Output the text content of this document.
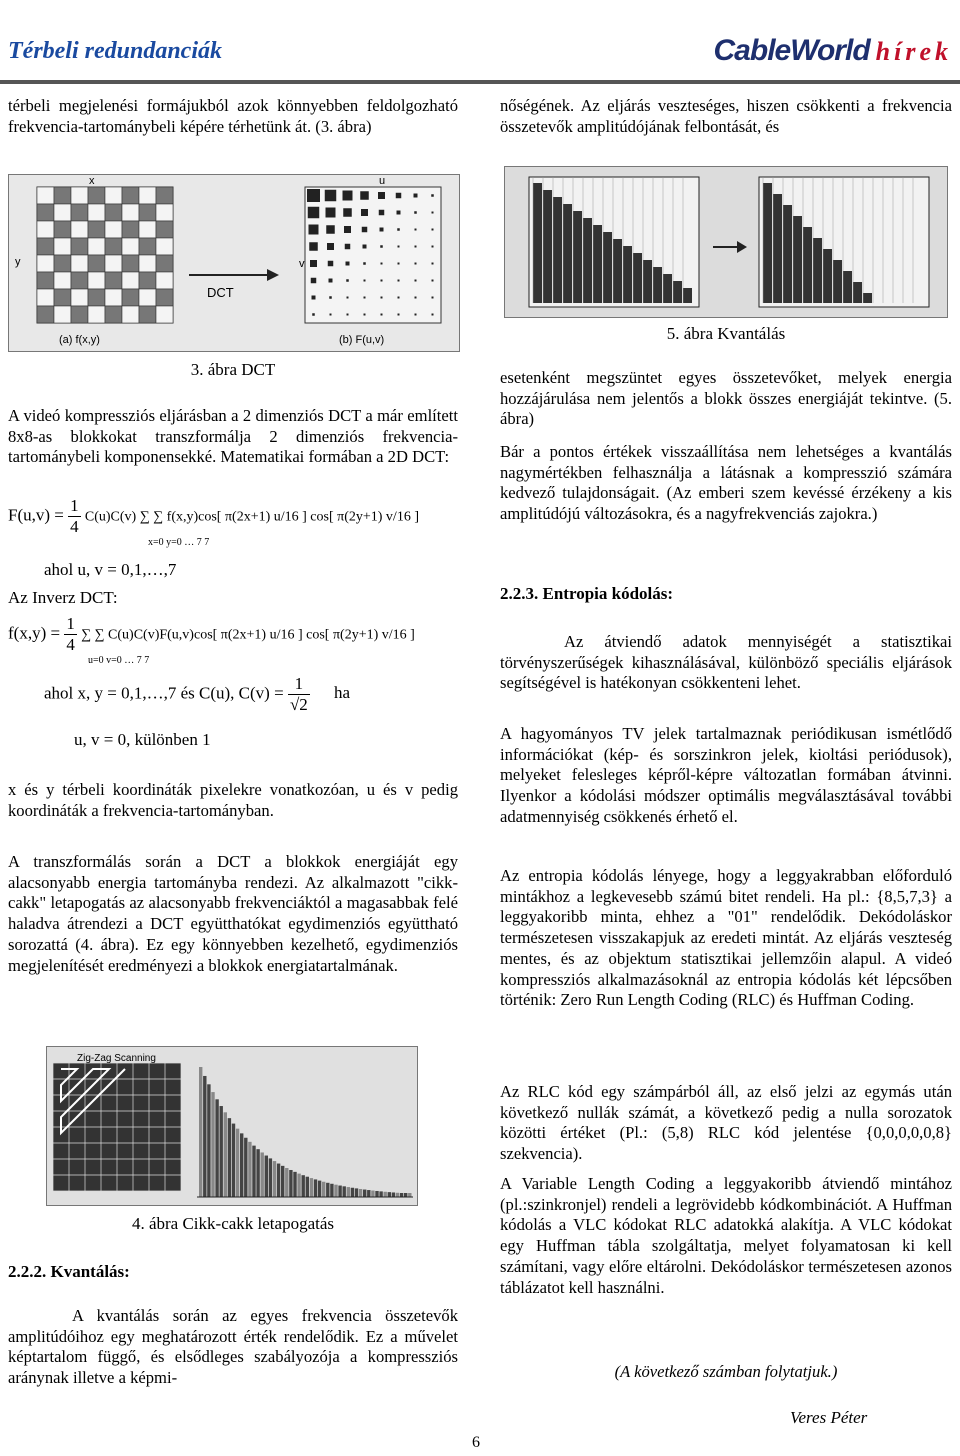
Térbeli redundanciák	CableWorld hírek

térbeli megjelenési formájukból azok könnyebben feldolgozható frekvencia-tartománybeli képére térhetünk át. (3. ábra)

DCT
x
y
u
v
(a) f(x,y)	(b) F(u,v)
3. ábra DCT

A videó kompressziós eljárásban a 2 dimenziós DCT a már említett 8x8-as blokkokat transzformálja 2 dimenziós frekvencia-tartománybeli komponensekké. Matematikai formában a 2D DCT:

$F(u,v) = \frac{1}{4} C(u)C(v)$ ∑ ∑ f(x,y)cos[ π(2x+1) u/16 ] cos[ π(2y+1) v/16 ]
x=0 y=0 … 7 7
ahol u, v = 0,1,…,7
Az Inverz DCT:
$f(x,y) = \frac{1}{4}$ ∑ ∑ C(u)C(v)F(u,v)cos[ π(2x+1) u/16 ] cos[ π(2y+1) v/16 ]
u=0 v=0 … 7 7
ahol x, y = 0,1,…,7 és C(u), $C(v) = \frac{1}{√2}$ ha
u, v = 0, különben 1

x és y térbeli koordináták pixelekre vonatkozóan, u és v pedig koordináták a frekvencia-tartományban.

A transzformálás során a DCT a blokkok energiáját egy alacsonyabb energia tartományba rendezi. Az alkalmazott "cikk-cakk" letapogatás az alacsonyabb frekvenciáktól a magasabbak felé haladva átrendezi a DCT együtthatókat egydimenziós együttható sorozattá (4. ábra). Ez egy könnyebben kezelhető, egydimenziós megjelenítését eredményezi a blokkok energiatartalmának.

Zig-Zag Scanning
4. ábra Cikk-cakk letapogatás
2.2.2. Kvantálás:

A kvantálás során az egyes frekvencia összetevők amplitúdóihoz egy meghatározott érték rendelődik. Ez a művelet képtartalom függő, és elsődleges szabályozója a kompressziós aránynak illetve a képmi-

nőségének. Az eljárás veszteséges, hiszen csökkenti a frekvencia összetevők amplitúdójának felbontását, és

5. ábra Kvantálás

esetenként megszüntet egyes összetevőket, melyek energia hozzájárulása nem jelentős a blokk összes energiáját tekintve. (5. ábra)

Bár a pontos értékek visszaállítása nem lehetséges a kvantálás nagymértékben felhasználja a látásnak a kompresszió számára kedvező tulajdonságait. (Az emberi szem kevéssé érzékeny a kis amplitúdójú változásokra, és a nagyfrekvenciás zajokra.)

2.2.3. Entropia kódolás:

Az átviendő adatok mennyiségét a statisztikai törvényszerűségek kihasználásával, különböző speciális eljárások segítségével is hatékonyan csökkenteni lehet.

A hagyományos TV jelek tartalmaznak periódikusan ismétlődő információkat (kép- és sorszinkron jelek, kioltási periódusok), melyeket felesleges képről-képre változatlan formában átvinni. Ilyenkor a kódolási módszer optimális megválasztásával további adatmennyiség csökkenés érhető el.

Az entropia kódolás lényege, hogy a leggyakrabban előforduló mintákhoz a legkevesebb számú bitet rendeli. Ha pl.: {8,5,7,3} a leggyakoribb minta, ehhez a "01" rendelődik. Dekódoláskor természetesen visszakapjuk az eredeti mintát. Az eljárás veszteség mentes, és az objektum statisztikai jellemzőin alapul. A videó kompressziós alkalmazásoknál az entropia kódolás két lépcsőben történik: Zero Run Length Coding (RLC) és Huffman Coding.

Az RLC kód egy számpárból áll, az első jelzi az egymás után következő nullák számát, a következő pedig a nulla sorozatok közötti értéket (Pl.: (5,8) RLC kód jelentése {0,0,0,0,0,8} szekvencia).

A Variable Length Coding a leggyakoribb átviendő mintához (pl.:szinkronjel) rendeli a legrövidebb kódkombinációt. A Huffman kódolás a VLC kódokat RLC adatokká alakítja. A VLC kódokat egy Huffman tábla szolgáltatja, melyet folyamatosan ki kell számítani, vagy előre eltárolni. Dekódoláskor természetesen azonos táblázatot kell használni.

(A következő számban folytatjuk.)
Veres Péter
6
